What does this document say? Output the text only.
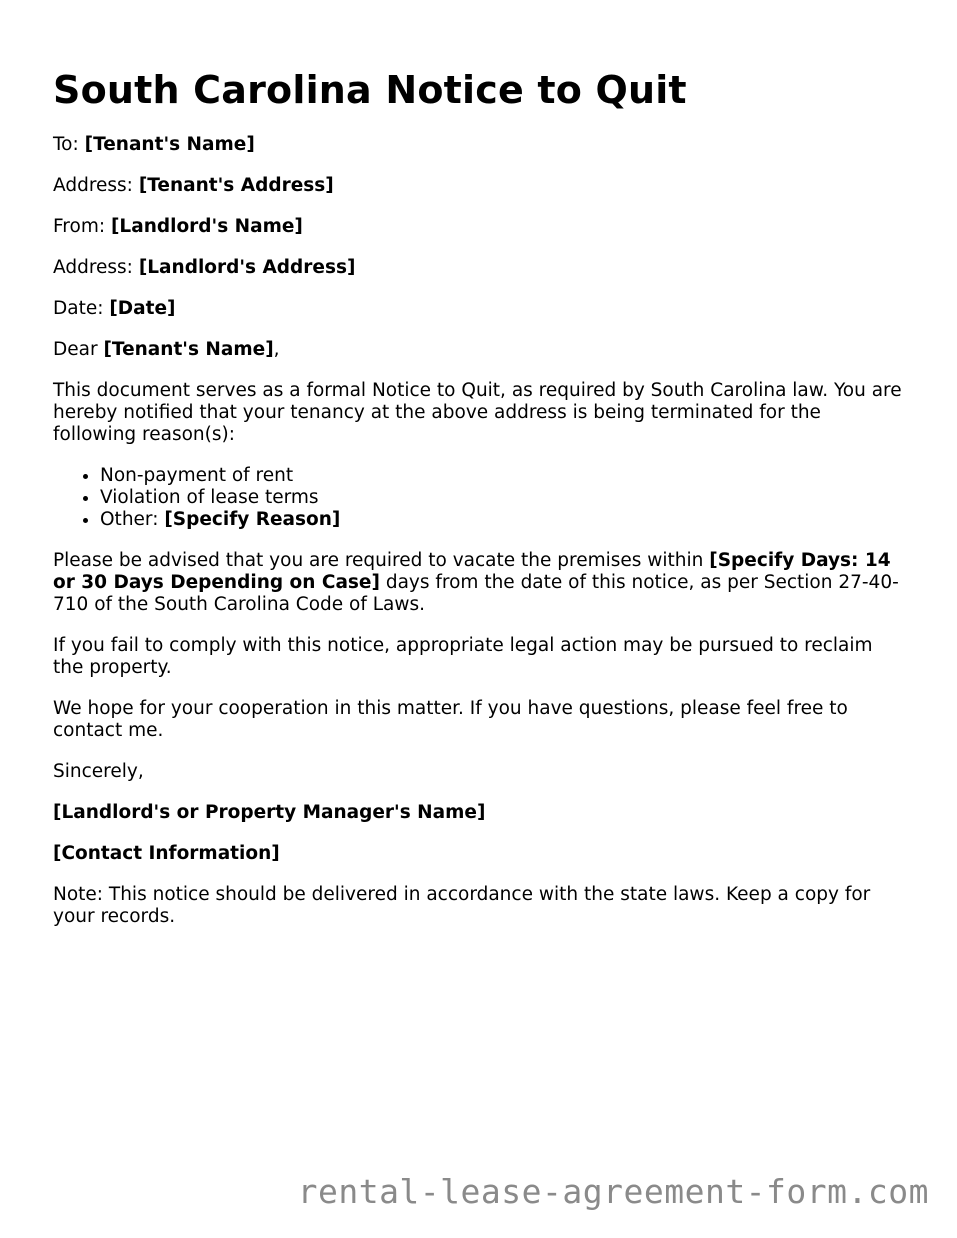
South Carolina Notice to Quit

To: [Tenant's Name]

Address: [Tenant's Address]

From: [Landlord's Name]

Address: [Landlord's Address]

Date: [Date]

Dear [Tenant's Name],

This document serves as a formal Notice to Quit, as required by South Carolina law. You are hereby notified that your tenancy at the above address is being terminated for the following reason(s):

• Non-payment of rent
• Violation of lease terms
• Other: [Specify Reason]

Please be advised that you are required to vacate the premises within [Specify Days: 14 or 30 Days Depending on Case] days from the date of this notice, as per Section 27-40-710 of the South Carolina Code of Laws.

If you fail to comply with this notice, appropriate legal action may be pursued to reclaim the property.

We hope for your cooperation in this matter. If you have questions, please feel free to contact me.

Sincerely,

[Landlord's or Property Manager's Name]

[Contact Information]

Note: This notice should be delivered in accordance with the state laws. Keep a copy for your records.

rental-lease-agreement-form.com
